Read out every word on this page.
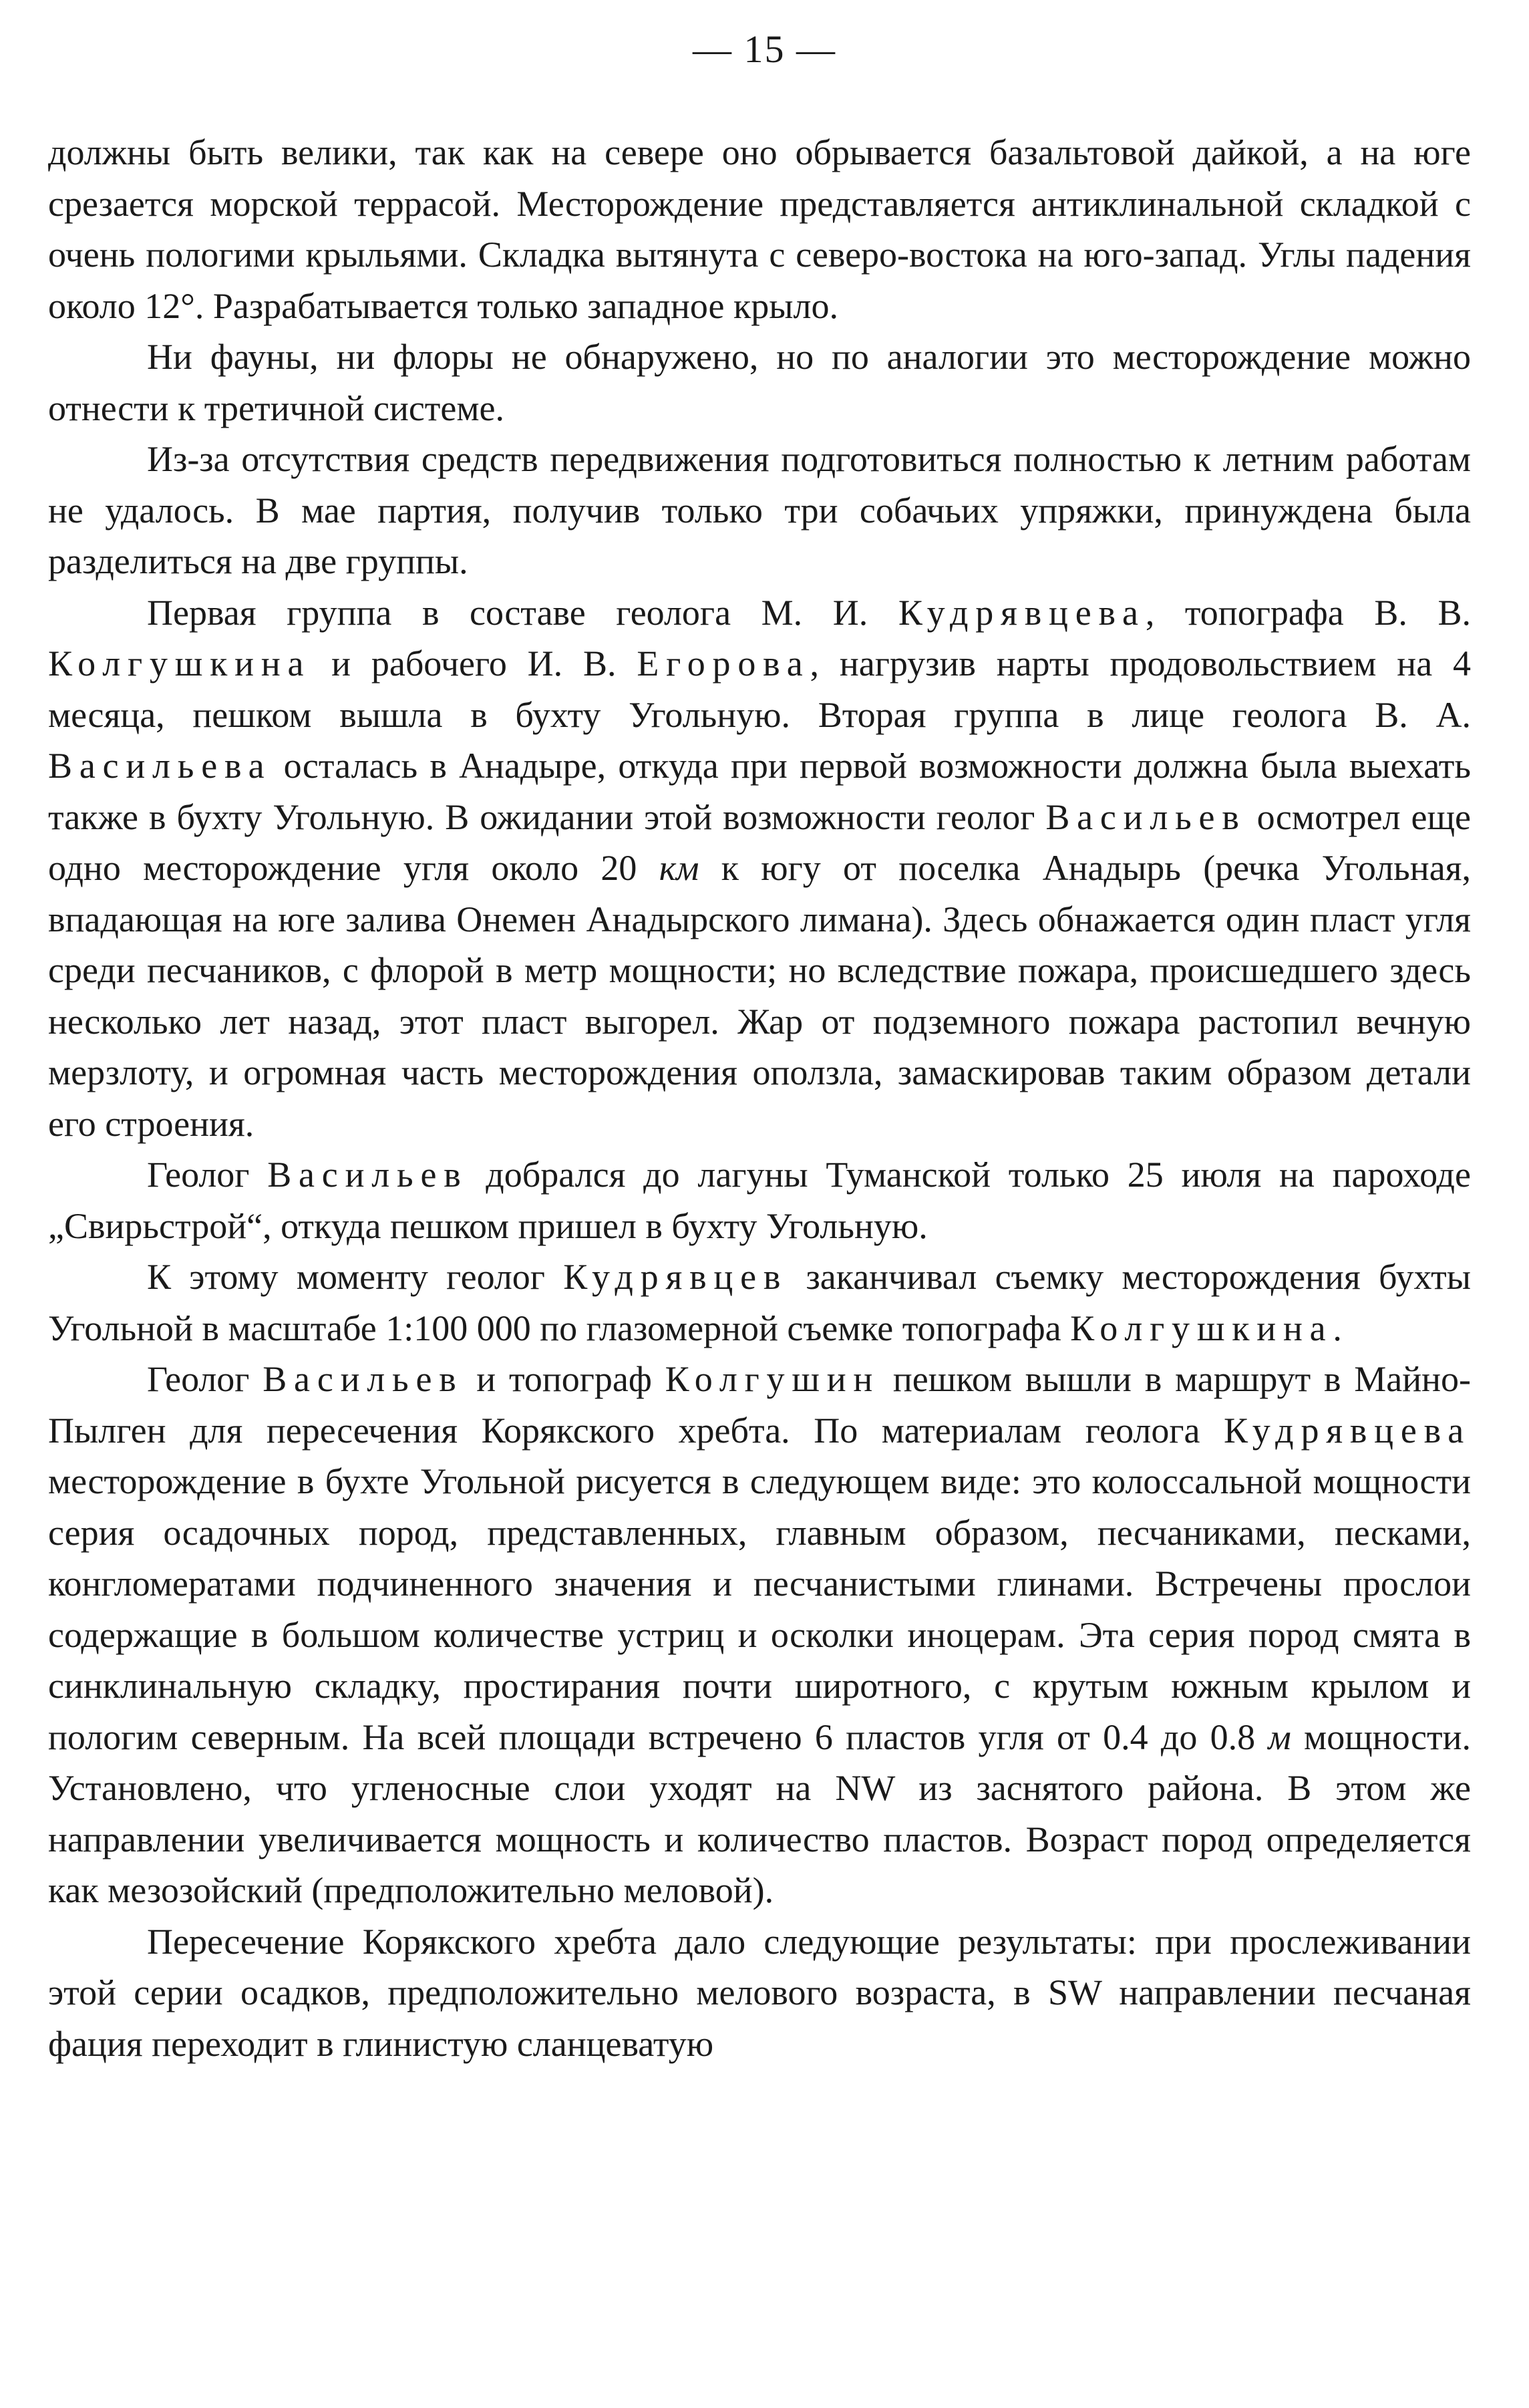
— 15 —

должны быть велики, так как на севере оно обрывается базальтовой дайкой, а на юге срезается морской террасой. Месторождение представляется антиклинальной складкой с очень пологими крыльями. Складка вытянута с северо-востока на юго-запад. Углы падения около 12°. Разрабатывается только западное крыло.

Ни фауны, ни флоры не обнаружено, но по аналогии это месторождение можно отнести к третичной системе.

Из-за отсутствия средств передвижения подготовиться полностью к летним работам не удалось. В мае партия, получив только три собачьих упряжки, принуждена была разделиться на две группы.

Первая группа в составе геолога М. И. Кудрявцева, топографа В. В. Колгушкина и рабочего И. В. Егорова, нагрузив нарты продовольствием на 4 месяца, пешком вышла в бухту Угольную. Вторая группа в лице геолога В. А. Васильева осталась в Анадыре, откуда при первой возможности должна была выехать также в бухту Угольную. В ожидании этой возможности геолог Васильев осмотрел еще одно месторождение угля около 20 км к югу от поселка Анадырь (речка Угольная, впадающая на юге залива Онемен Анадырского лимана). Здесь обнажается один пласт угля среди песчаников, с флорой в метр мощности; но вследствие пожара, происшедшего здесь несколько лет назад, этот пласт выгорел. Жар от подземного пожара растопил вечную мерзлоту, и огромная часть месторождения оползла, замаскировав таким образом детали его строения.

Геолог Васильев добрался до лагуны Туманской только 25 июля на пароходе „Свирьстрой“, откуда пешком пришел в бухту Угольную.

К этому моменту геолог Кудрявцев заканчивал съемку месторождения бухты Угольной в масштабе 1:100 000 по глазомерной съемке топографа Колгушкина.

Геолог Васильев и топограф Колгушин пешком вышли в маршрут в Майно-Пылген для пересечения Корякского хребта. По материалам геолога Кудрявцева месторождение в бухте Угольной рисуется в следующем виде: это колоссальной мощности серия осадочных пород, представленных, главным образом, песчаниками, песками, конгломератами подчиненного значения и песчанистыми глинами. Встречены прослои содержащие в большом количестве устриц и осколки иноцерам. Эта серия пород смята в синклинальную складку, простирания почти широтного, с крутым южным крылом и пологим северным. На всей площади встречено 6 пластов угля от 0.4 до 0.8 м мощности. Установлено, что угленосные слои уходят на NW из заснятого района. В этом же направлении увеличивается мощность и количество пластов. Возраст пород определяется как мезозойский (предположительно меловой).

Пересечение Корякского хребта дало следующие результаты: при прослеживании этой серии осадков, предположительно мелового возраста, в SW направлении песчаная фация переходит в глинистую сланцеватую
